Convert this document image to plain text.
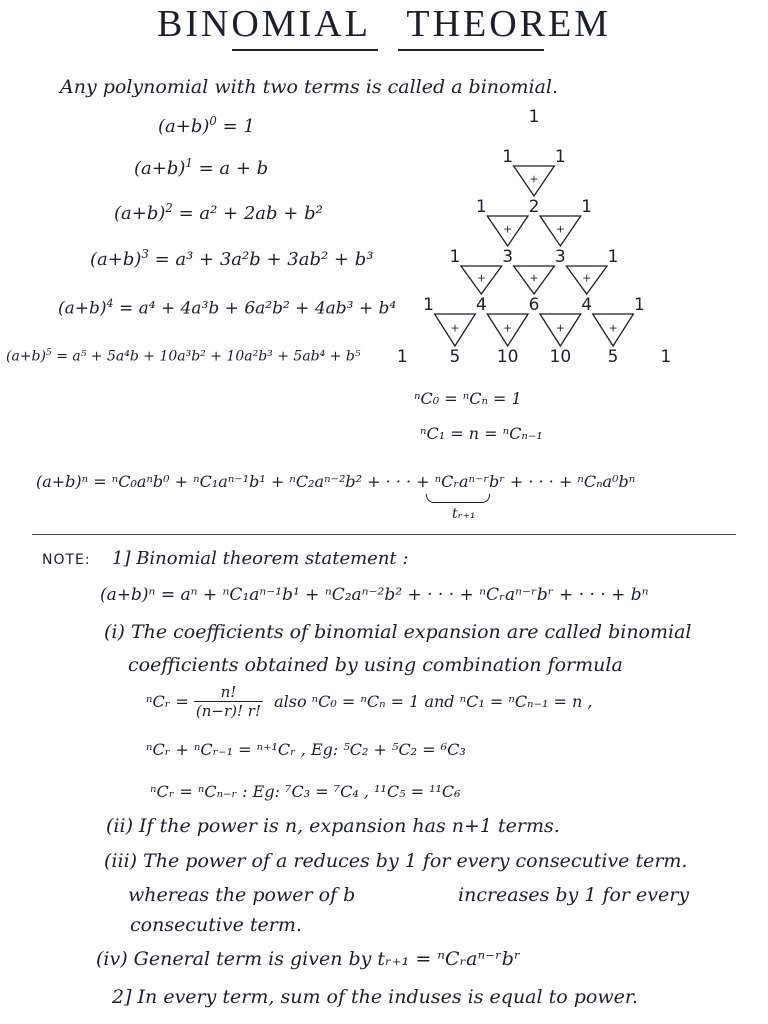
BINOMIAL THEOREM
Any polynomial with two terms is called a binomial.
$(a+b)^0 = 1$
$(a+b)^1 = a + b$
$(a+b)^2 = a^2 + 2ab + b^2$
$(a+b)^3 = a^3 + 3a^2b + 3ab^2 + b^3$
$(a+b)^4 = a^4 + 4a^3b + 6a^2b^2 + 4ab^3 + b^4$
$(a+b)^5 = a^5 + 5a^4b + 10a^3b^2 + 10a^2b^3 + 5ab^4 + b^5$
1
1 1
1 2 1
1 3 3 1
1 4 6 4 1
1 5 10 10 5 1
+
+	+
+	+	+
+	+	+	+
ⁿC₀ = ⁿCₙ = 1
ⁿC₁ = n = ⁿCₙ₋₁
(a+b)ⁿ = ⁿC₀aⁿb⁰ + ⁿC₁aⁿ⁻¹b¹ + ⁿC₂aⁿ⁻²b² + · · · + ⁿCᵣaⁿ⁻ʳbʳ + · · · + ⁿCₙa⁰bⁿ
tᵣ₊₁
NOTE: 1] Binomial theorem statement :
(a+b)ⁿ = aⁿ + ⁿC₁aⁿ⁻¹b¹ + ⁿC₂aⁿ⁻²b² + · · · + ⁿCᵣaⁿ⁻ʳbʳ + · · · + bⁿ
(i) The coefficients of binomial expansion are called binomial
coefficients obtained by using combination formula
ⁿCᵣ = $\frac{n!}{(n-r)! r!}$ also ⁿC₀ = ⁿCₙ = 1 and ⁿC₁ = ⁿCₙ₋₁ = n ,
ⁿCᵣ + ⁿCᵣ₋₁ = ⁿ⁺¹Cᵣ , Eg: ⁵C₂ + ⁵C₂ = ⁶C₃
ⁿCᵣ = ⁿCₙ₋ᵣ : Eg: ⁷C₃ = ⁷C₄ , ¹¹C₅ = ¹¹C₆
(ii) If the power is n, expansion has n+1 terms.
(iii) The power of a reduces by 1 for every consecutive term.
whereas the power of b	increases by 1 for every
consecutive term.
(iv) General term is given by tᵣ₊₁ = ⁿCᵣaⁿ⁻ʳbʳ
2] In every term, sum of the induses is equal to power.
